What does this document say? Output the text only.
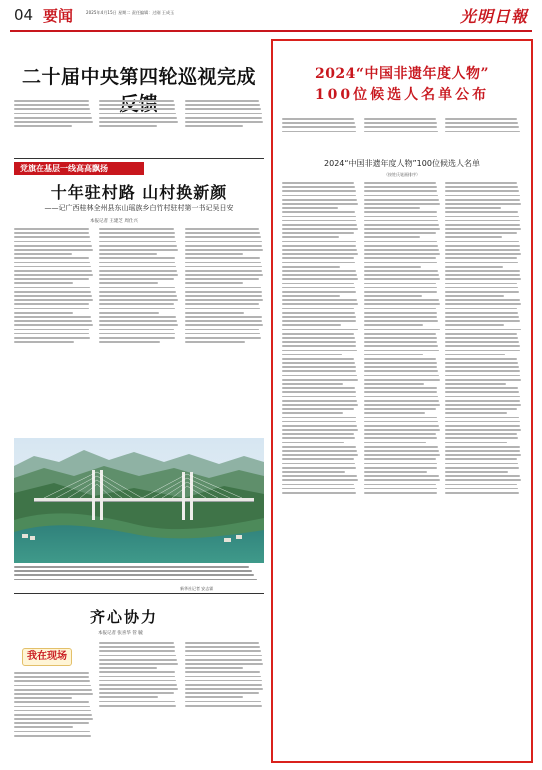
04 要闻	2025年4月15日 星期二 责任编辑：过刚 王成玉	光明日報
二十届中央第四轮巡视完成
党旗在基层一线高高飘扬
十年驻村路 山村换新颜
——记广西桂林全州县东山瑶族乡白竹村驻村第一书记吴日安
本报记者 王建芝 周仕兴
新华社记者 安志霖
齐心协力
本报记者 张喜华 管 毓
我在现场
2024“中国非遗年度人物”
100位候选人名单公布
2024“中国非遗年度人物”100位候选人名单
（按姓氏笔画排序）
